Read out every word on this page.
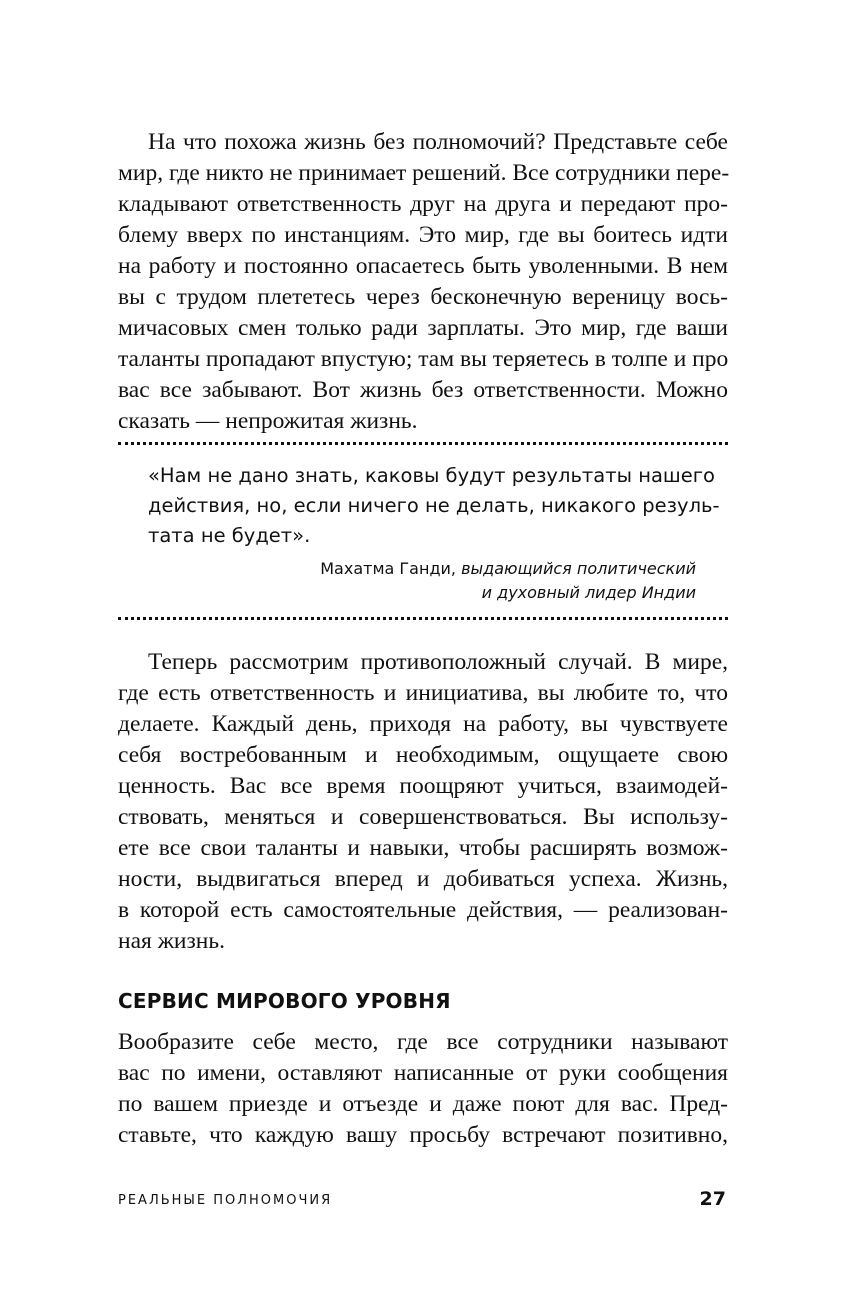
На что похожа жизнь без полномочий? Представьте себе
мир, где никто не принимает решений. Все сотрудники пере-
кладывают ответственность друг на друга и передают про-
блему вверх по инстанциям. Это мир, где вы боитесь идти
на работу и постоянно опасаетесь быть уволенными. В нем
вы с трудом плететесь через бесконечную вереницу вось-
мичасовых смен только ради зарплаты. Это мир, где ваши
таланты пропадают впустую; там вы теряетесь в толпе и про
вас все забывают. Вот жизнь без ответственности. Можно
сказать — непрожитая жизнь.
«Нам не дано знать, каковы будут результаты нашего
действия, но, если ничего не делать, никакого резуль-
тата не будет».
Махатма Ганди, выдающийся политический
и духовный лидер Индии
Теперь рассмотрим противоположный случай. В мире,
где есть ответственность и инициатива, вы любите то, что
делаете. Каждый день, приходя на работу, вы чувствуете
себя востребованным и необходимым, ощущаете свою
ценность. Вас все время поощряют учиться, взаимодей-
ствовать, меняться и совершенствоваться. Вы использу-
ете все свои таланты и навыки, чтобы расширять возмож-
ности, выдвигаться вперед и добиваться успеха. Жизнь,
в которой есть самостоятельные действия, — реализован-
ная жизнь.
СЕРВИС МИРОВОГО УРОВНЯ
Вообразите себе место, где все сотрудники называют
вас по имени, оставляют написанные от руки сообщения
по вашем приезде и отъезде и даже поют для вас. Пред-
ставьте, что каждую вашу просьбу встречают позитивно,
РЕАЛЬНЫЕ ПОЛНОМОЧИЯ	27
